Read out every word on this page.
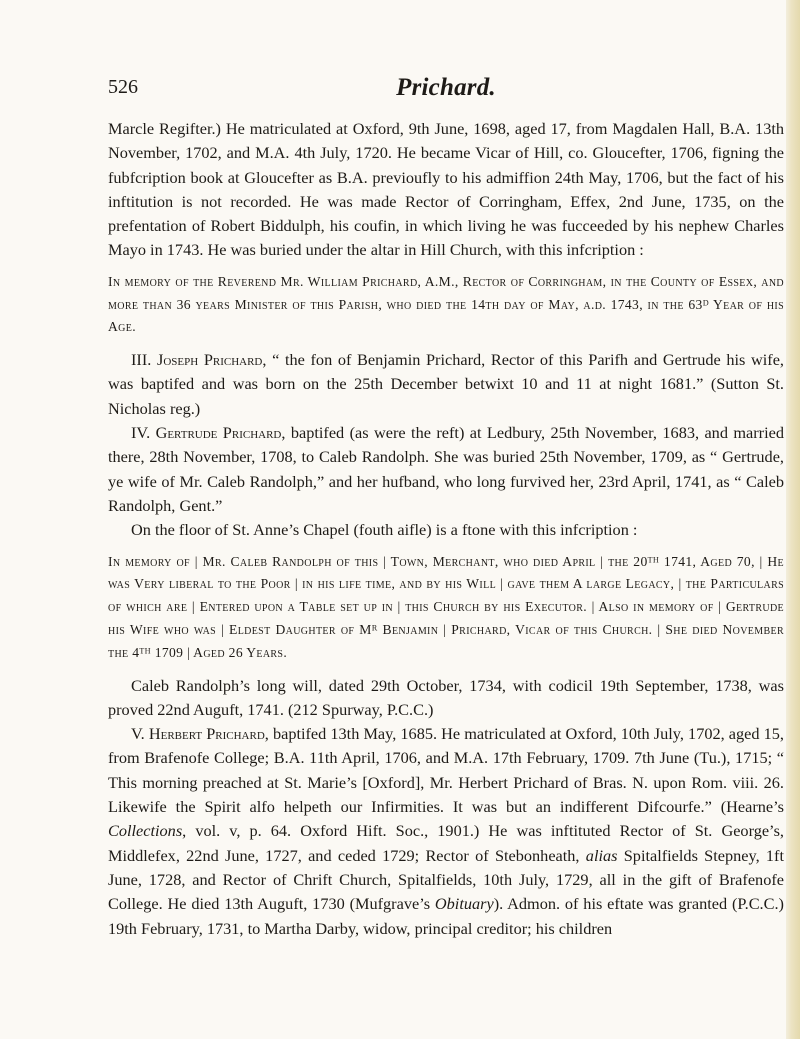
526	Prichard.

Marcle Regifter.) He matriculated at Oxford, 9th June, 1698, aged 17, from Magdalen Hall, B.A. 13th November, 1702, and M.A. 4th July, 1720. He became Vicar of Hill, co. Gloucefter, 1706, figning the fubfcription book at Gloucefter as B.A. previoufly to his admiffion 24th May, 1706, but the fact of his inftitution is not recorded. He was made Rector of Corringham, Effex, 2nd June, 1735, on the prefentation of Robert Biddulph, his coufin, in which living he was fucceeded by his nephew Charles Mayo in 1743. He was buried under the altar in Hill Church, with this infcription :

In memory of the Reverend Mr. William Prichard, A.M., Rector of Corringham, in the County of Essex, and more than 36 years Minister of this Parish, who died the 14th day of May, a.d. 1743, in the 63ᴰ Year of his Age.

III. Joseph Prichard, “ the fon of Benjamin Prichard, Rector of this Parifh and Gertrude his wife, was baptifed and was born on the 25th December betwixt 10 and 11 at night 1681.” (Sutton St. Nicholas reg.)

IV. Gertrude Prichard, baptifed (as were the reft) at Ledbury, 25th November, 1683, and married there, 28th November, 1708, to Caleb Randolph. She was buried 25th November, 1709, as “ Gertrude, ye wife of Mr. Caleb Randolph,” and her hufband, who long furvived her, 23rd April, 1741, as “ Caleb Randolph, Gent.”

On the floor of St. Anne’s Chapel (fouth aifle) is a ftone with this infcription :

In memory of | Mr. Caleb Randolph of this | Town, Merchant, who died April | the 20ᵀᴴ 1741, Aged 70, | He was Very liberal to the Poor | in his life time, and by his Will | gave them A large Legacy, | the Particulars of which are | Entered upon a Table set up in | this Church by his Executor. | Also in memory of | Gertrude his Wife who was | Eldest Daughter of Mᴿ Benjamin | Prichard, Vicar of this Church. | She died November the 4ᵀᴴ 1709 | Aged 26 Years.

Caleb Randolph’s long will, dated 29th October, 1734, with codicil 19th September, 1738, was proved 22nd Auguft, 1741. (212 Spurway, P.C.C.)

V. Herbert Prichard, baptifed 13th May, 1685. He matriculated at Oxford, 10th July, 1702, aged 15, from Brafenofe College; B.A. 11th April, 1706, and M.A. 17th February, 1709. 7th June (Tu.), 1715; “ This morning preached at St. Marie’s [Oxford], Mr. Herbert Prichard of Bras. N. upon Rom. viii. 26. Likewife the Spirit alfo helpeth our Infirmities. It was but an indifferent Difcourfe.” (Hearne’s Collections, vol. v, p. 64. Oxford Hift. Soc., 1901.) He was inftituted Rector of St. George’s, Middlefex, 22nd June, 1727, and ceded 1729; Rector of Stebonheath, alias Spitalfields Stepney, 1ft June, 1728, and Rector of Chrift Church, Spitalfields, 10th July, 1729, all in the gift of Brafenofe College. He died 13th Auguft, 1730 (Mufgrave’s Obituary). Admon. of his eftate was granted (P.C.C.) 19th February, 1731, to Martha Darby, widow, principal creditor; his children
